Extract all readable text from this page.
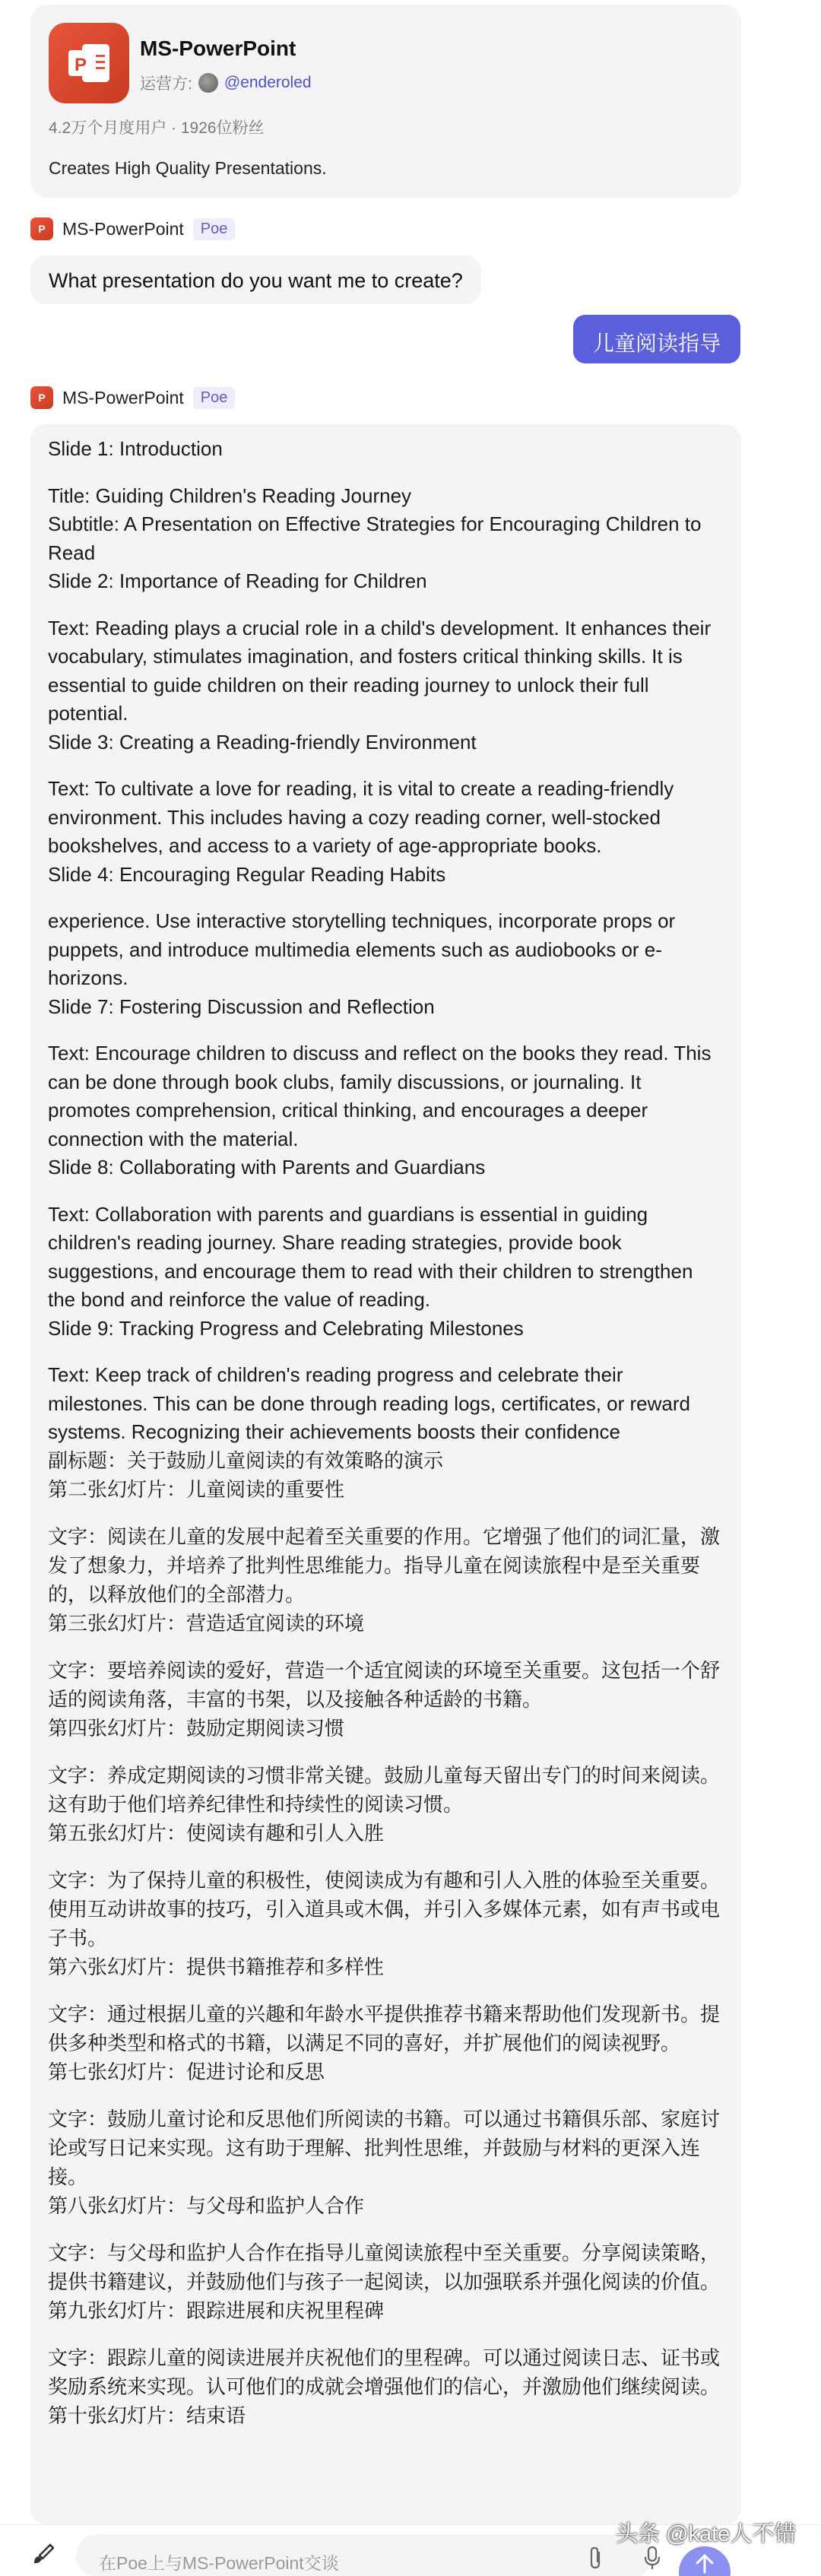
P
MS-PowerPoint
运营方: @enderoled
4.2万个月度用户 · 1926位粉丝
Creates High Quality Presentations.
P MS-PowerPoint	Poe
What presentation do you want me to create?
儿童阅读指导
P MS-PowerPoint	Poe
Slide 1: Introduction
Title: Guiding Children's Reading Journey
Subtitle: A Presentation on Effective Strategies for Encouraging Children to Read
Slide 2: Importance of Reading for Children
Text: Reading plays a crucial role in a child's development. It enhances their vocabulary, stimulates imagination, and fosters critical thinking skills. It is essential to guide children on their reading journey to unlock their full potential.
Slide 3: Creating a Reading-friendly Environment
Text: To cultivate a love for reading, it is vital to create a reading-friendly environment. This includes having a cozy reading corner, well-stocked bookshelves, and access to a variety of age-appropriate books.
Slide 4: Encouraging Regular Reading Habits
experience. Use interactive storytelling techniques, incorporate props or puppets, and introduce multimedia elements such as audiobooks or e-horizons.
Slide 7: Fostering Discussion and Reflection
Text: Encourage children to discuss and reflect on the books they read. This can be done through book clubs, family discussions, or journaling. It promotes comprehension, critical thinking, and encourages a deeper connection with the material.
Slide 8: Collaborating with Parents and Guardians
Text: Collaboration with parents and guardians is essential in guiding children's reading journey. Share reading strategies, provide book suggestions, and encourage them to read with their children to strengthen the bond and reinforce the value of reading.
Slide 9: Tracking Progress and Celebrating Milestones
Text: Keep track of children's reading progress and celebrate their milestones. This can be done through reading logs, certificates, or reward systems. Recognizing their achievements boosts their confidence
副标题：关于鼓励儿童阅读的有效策略的演示
第二张幻灯片：儿童阅读的重要性
文字：阅读在儿童的发展中起着至关重要的作用。它增强了他们的词汇量，激发了想象力，并培养了批判性思维能力。指导儿童在阅读旅程中是至关重要的，以释放他们的全部潜力。
第三张幻灯片：营造适宜阅读的环境
文字：要培养阅读的爱好，营造一个适宜阅读的环境至关重要。这包括一个舒适的阅读角落，丰富的书架，以及接触各种适龄的书籍。
第四张幻灯片：鼓励定期阅读习惯
文字：养成定期阅读的习惯非常关键。鼓励儿童每天留出专门的时间来阅读。这有助于他们培养纪律性和持续性的阅读习惯。
第五张幻灯片：使阅读有趣和引人入胜
文字：为了保持儿童的积极性，使阅读成为有趣和引人入胜的体验至关重要。使用互动讲故事的技巧，引入道具或木偶，并引入多媒体元素，如有声书或电子书。
第六张幻灯片：提供书籍推荐和多样性
文字：通过根据儿童的兴趣和年龄水平提供推荐书籍来帮助他们发现新书。提供多种类型和格式的书籍，以满足不同的喜好，并扩展他们的阅读视野。
第七张幻灯片：促进讨论和反思
文字：鼓励儿童讨论和反思他们所阅读的书籍。可以通过书籍俱乐部、家庭讨论或写日记来实现。这有助于理解、批判性思维，并鼓励与材料的更深入连接。
第八张幻灯片：与父母和监护人合作
文字：与父母和监护人合作在指导儿童阅读旅程中至关重要。分享阅读策略，提供书籍建议，并鼓励他们与孩子一起阅读，以加强联系并强化阅读的价值。
第九张幻灯片：跟踪进展和庆祝里程碑
文字：跟踪儿童的阅读进展并庆祝他们的里程碑。可以通过阅读日志、证书或奖励系统来实现。认可他们的成就会增强他们的信心，并激励他们继续阅读。
第十张幻灯片：结束语
在Poe上与MS-PowerPoint交谈
头条 @kate人不错
